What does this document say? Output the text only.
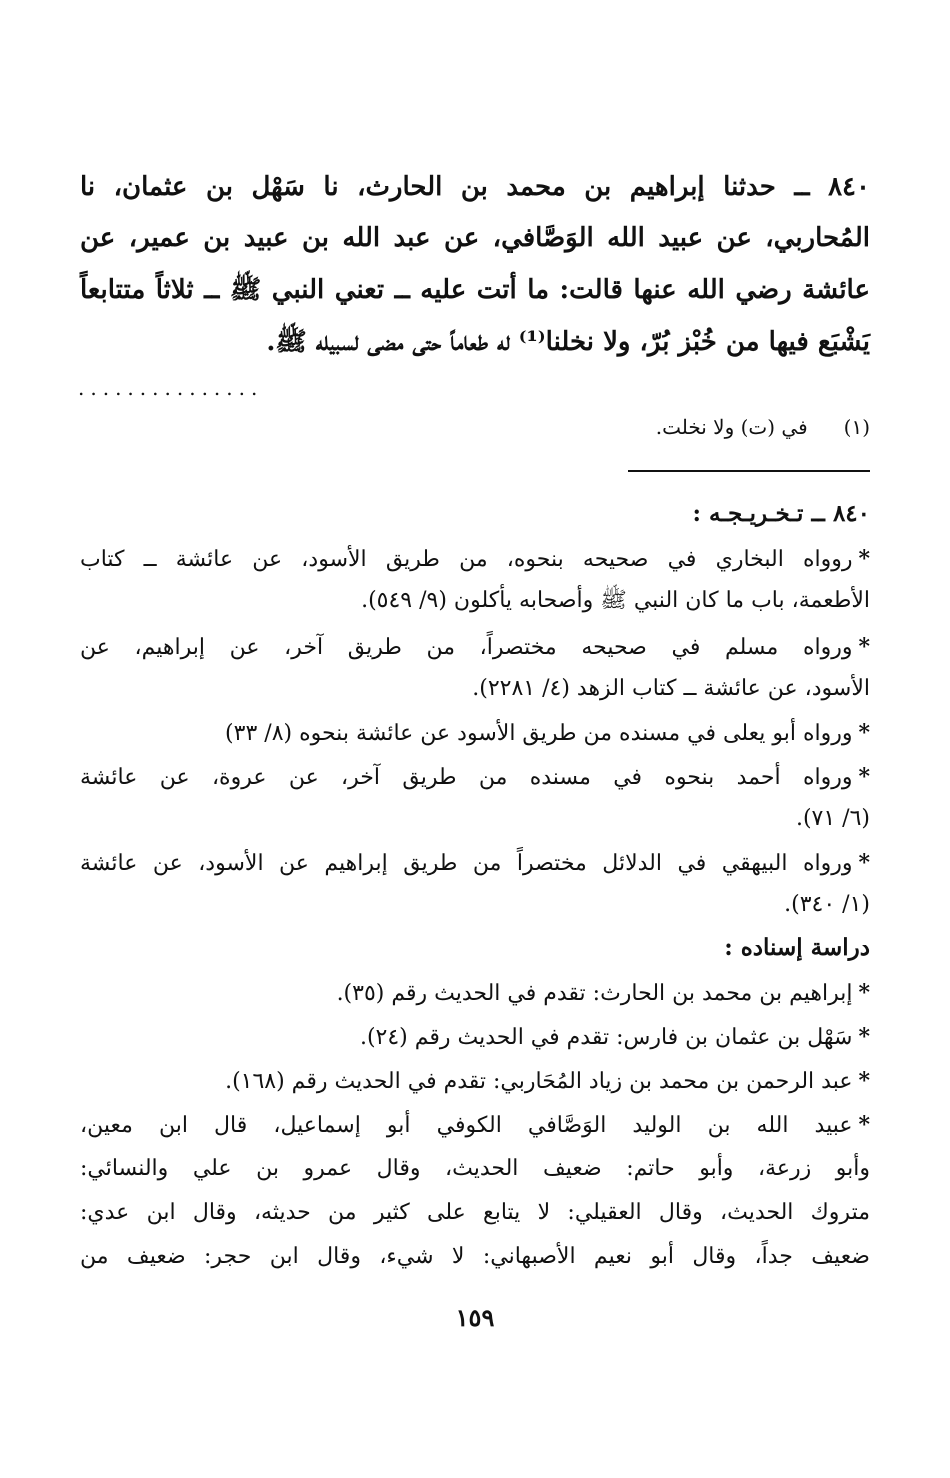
٨٤٠ ــ حدثنا إبراهيم بن محمد بن الحارث، نا سَهْل بن عثمان، نا
المُحاربي، عن عبيد الله الوَصَّافي، عن عبد الله بن عبيد بن عمير، عن
عائشة رضي الله عنها قالت: ما أتت عليه ــ تعني النبي ﷺ ــ ثلاثاً متتابعاً
يَشْبَع فيها من خُبْز بُرّ، ولا نخلنا⁽¹⁾ له طعاماً حتى مضى لسبيله ﷺ.
...............
(١) في (ت) ولا نخلت.
٨٤٠ ــ تـخـريـجـه :
*روواه البخاري في صحيحه بنحوه، من طريق الأسود، عن عائشة ــ كتاب
الأطعمة، باب ما كان النبي ﷺ وأصحابه يأكلون (٩/ ٥٤٩).
*ورواه مسلم في صحيحه مختصراً، من طريق آخر، عن إبراهيم، عن
الأسود، عن عائشة ــ كتاب الزهد (٤/ ٢٢٨١).
*ورواه أبو يعلى في مسنده من طريق الأسود عن عائشة بنحوه (٨/ ٣٣)
*ورواه أحمد بنحوه في مسنده من طريق آخر، عن عروة، عن عائشة
(٦/ ٧١).
*ورواه البيهقي في الدلائل مختصراً من طريق إبراهيم عن الأسود، عن عائشة
(١/ ٣٤٠).
دراسة إسناده :
*إبراهيم بن محمد بن الحارث: تقدم في الحديث رقم (٣٥).
*سَهْل بن عثمان بن فارس: تقدم في الحديث رقم (٢٤).
*عبد الرحمن بن محمد بن زياد المُحَاربي: تقدم في الحديث رقم (١٦٨).
*عبيد الله بن الوليد الوَصَّافي الكوفي أبو إسماعيل، قال ابن معين،
وأبو زرعة، وأبو حاتم: ضعيف الحديث، وقال عمرو بن علي والنسائي:
متروك الحديث، وقال العقيلي: لا يتابع على كثير من حديثه، وقال ابن عدي:
ضعيف جداً، وقال أبو نعيم الأصبهاني: لا شيء، وقال ابن حجر: ضعيف من
١٥٩
